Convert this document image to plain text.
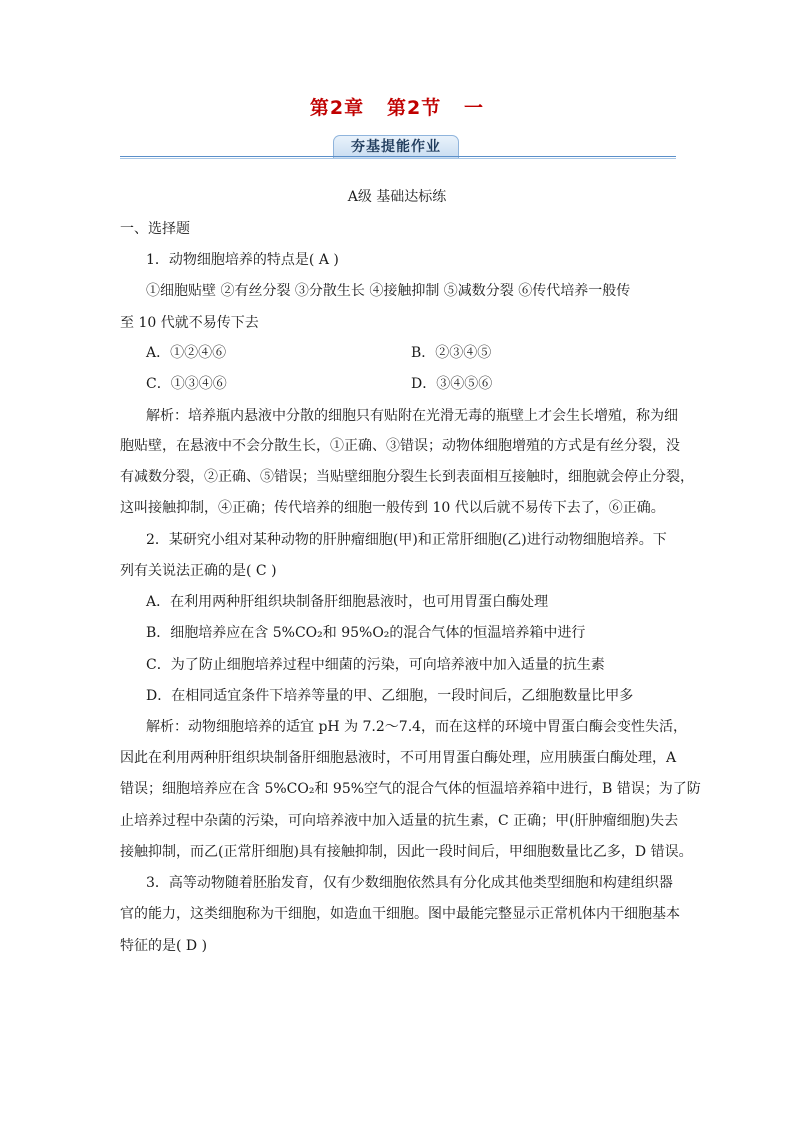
第2章   第2节   一
夯基提能作业
A级 基础达标练
一、选择题
1．动物细胞培养的特点是( A )
①细胞贴壁 ②有丝分裂 ③分散生长 ④接触抑制 ⑤减数分裂 ⑥传代培养一般传
至 10 代就不易传下去
A．①②④⑥	B．②③④⑤
C．①③④⑥	D．③④⑤⑥
解析：培养瓶内悬液中分散的细胞只有贴附在光滑无毒的瓶壁上才会生长增殖，称为细
胞贴壁，在悬液中不会分散生长，①正确、③错误；动物体细胞增殖的方式是有丝分裂，没
有减数分裂，②正确、⑤错误；当贴壁细胞分裂生长到表面相互接触时，细胞就会停止分裂，
这叫接触抑制，④正确；传代培养的细胞一般传到 10 代以后就不易传下去了，⑥正确。
2．某研究小组对某种动物的肝肿瘤细胞(甲)和正常肝细胞(乙)进行动物细胞培养。下
列有关说法正确的是( C )
A．在利用两种肝组织块制备肝细胞悬液时，也可用胃蛋白酶处理
B．细胞培养应在含 5%CO₂和 95%O₂的混合气体的恒温培养箱中进行
C．为了防止细胞培养过程中细菌的污染，可向培养液中加入适量的抗生素
D．在相同适宜条件下培养等量的甲、乙细胞，一段时间后，乙细胞数量比甲多
解析：动物细胞培养的适宜 pH 为 7.2～7.4，而在这样的环境中胃蛋白酶会变性失活，
因此在利用两种肝组织块制备肝细胞悬液时，不可用胃蛋白酶处理，应用胰蛋白酶处理，A
错误；细胞培养应在含 5%CO₂和 95%空气的混合气体的恒温培养箱中进行，B 错误；为了防
止培养过程中杂菌的污染，可向培养液中加入适量的抗生素，C 正确；甲(肝肿瘤细胞)失去
接触抑制，而乙(正常肝细胞)具有接触抑制，因此一段时间后，甲细胞数量比乙多，D 错误。
3．高等动物随着胚胎发育，仅有少数细胞依然具有分化成其他类型细胞和构建组织器
官的能力，这类细胞称为干细胞，如造血干细胞。图中最能完整显示正常机体内干细胞基本
特征的是( D )
